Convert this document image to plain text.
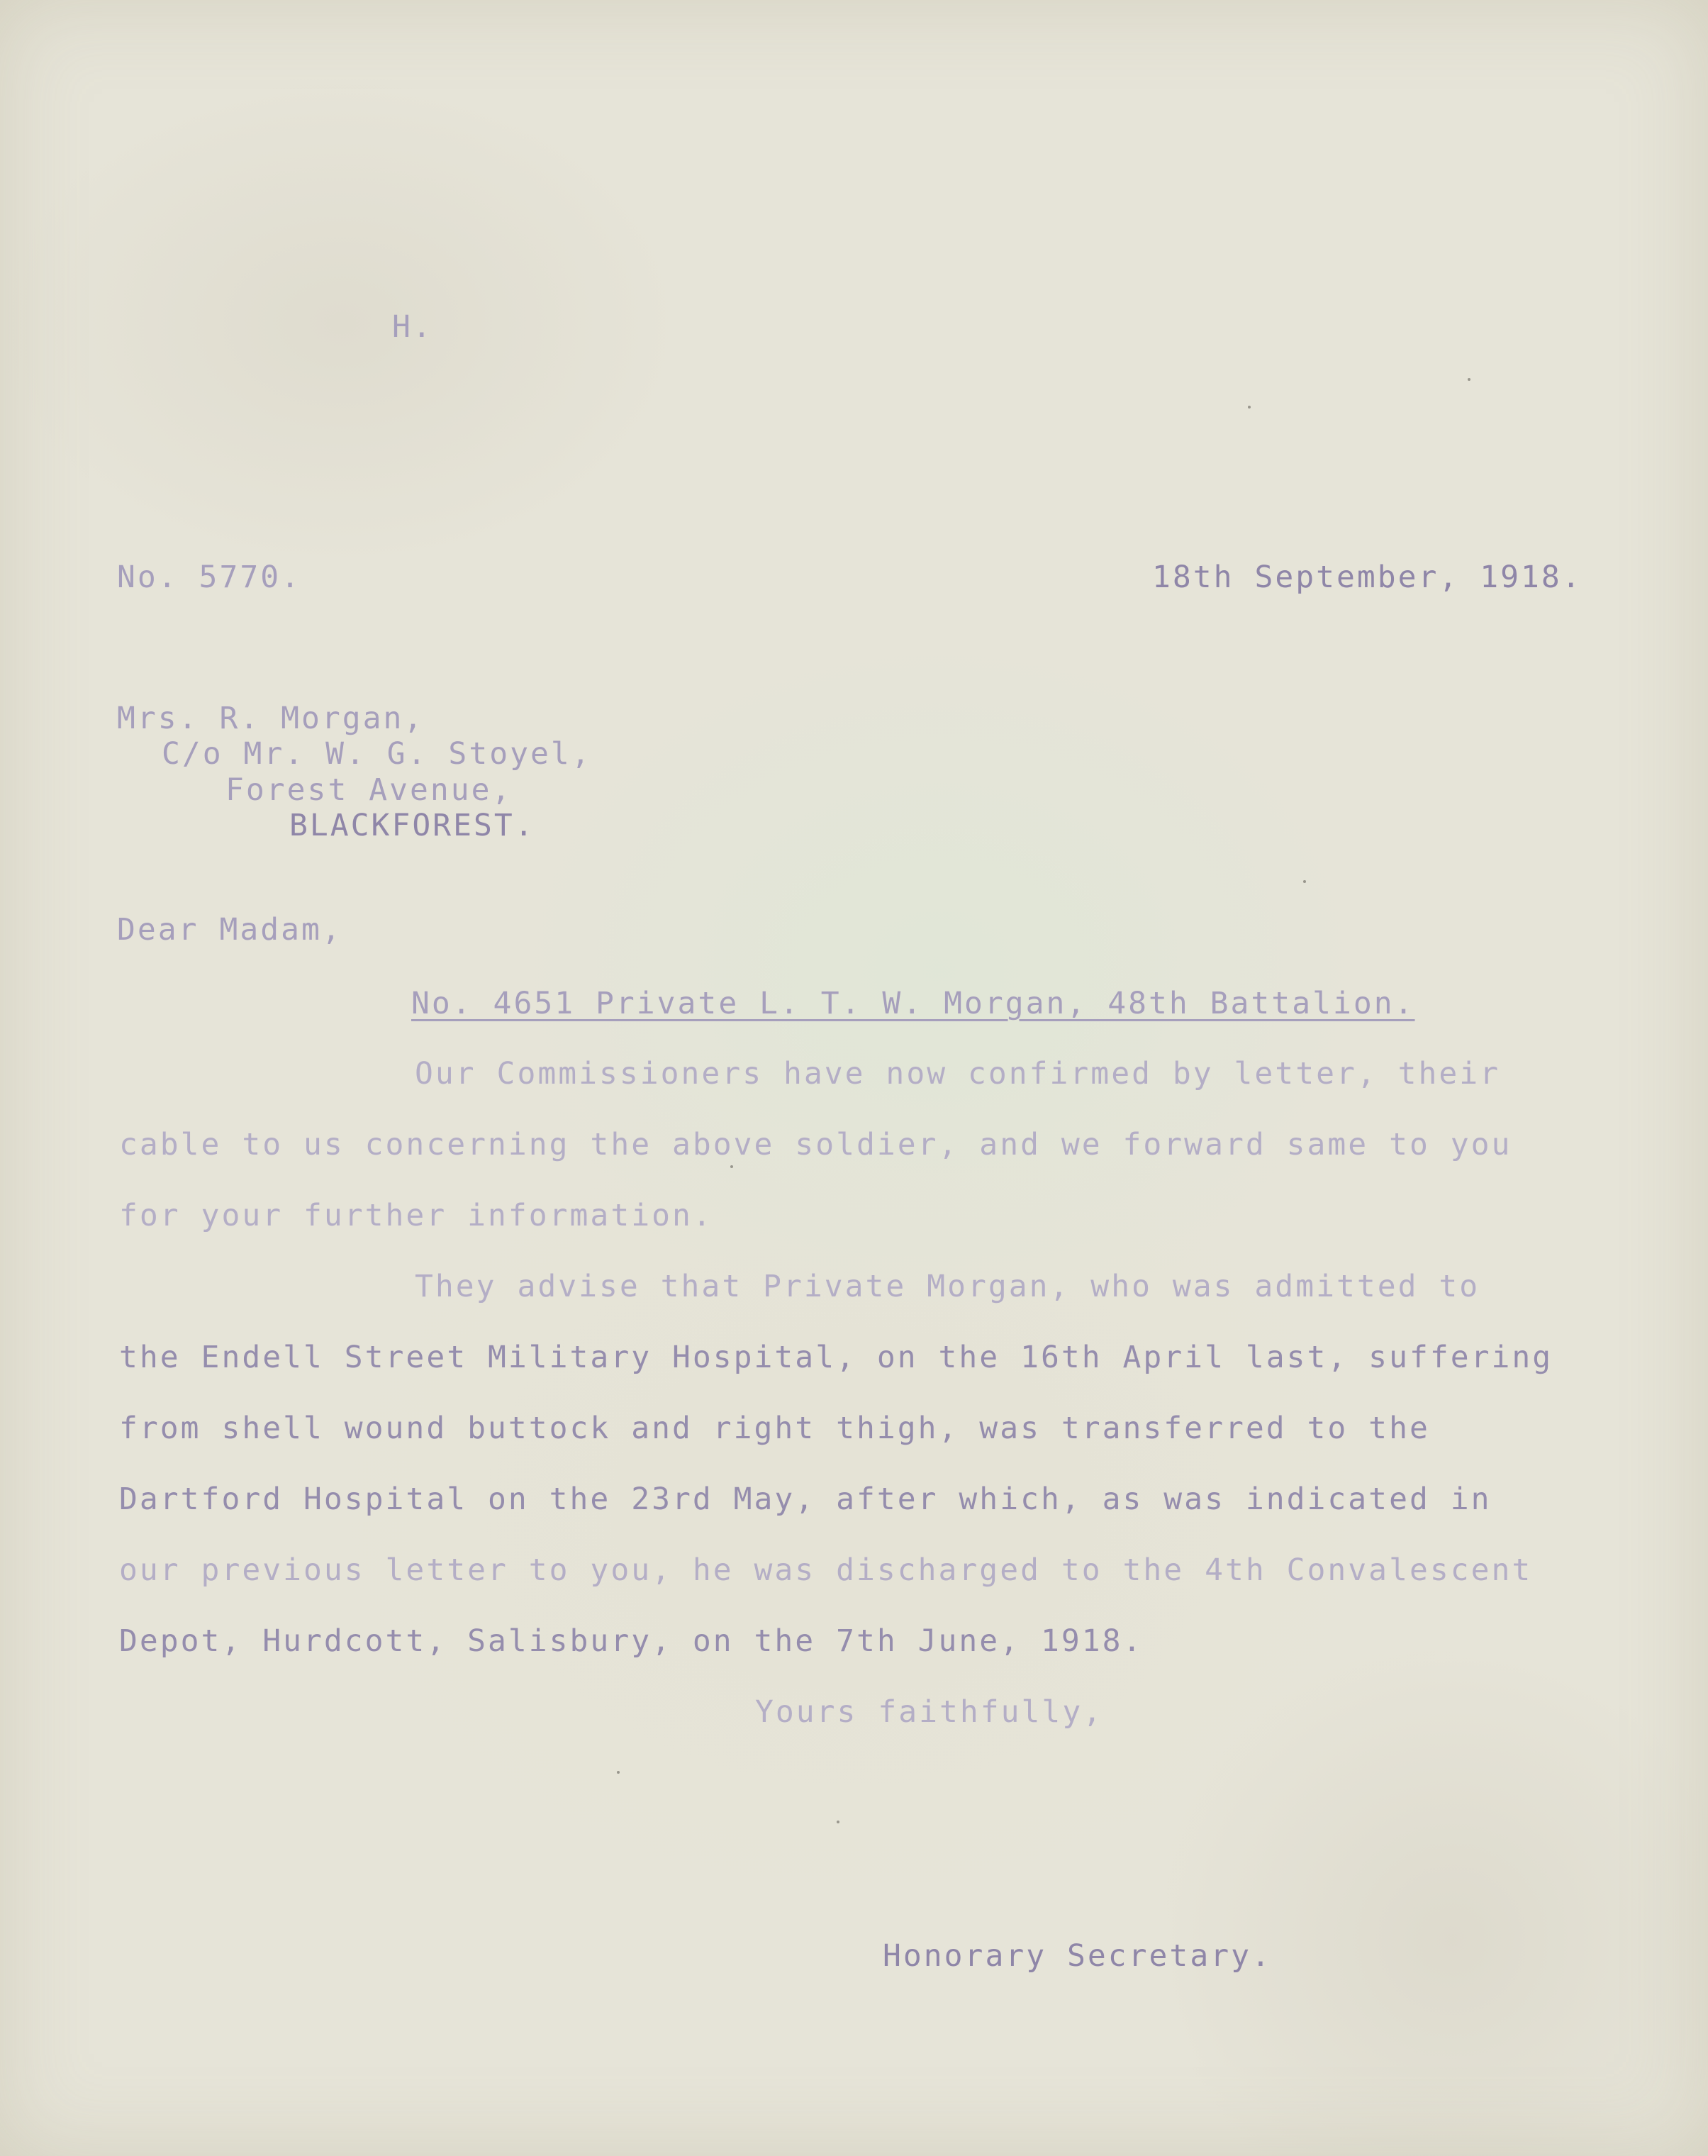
H.

No. 5770.	18th September, 1918.

Mrs. R. Morgan,

C/o Mr. W. G. Stoyel,

Forest Avenue,

BLACKFOREST.

Dear Madam,

No. 4651 Private L. T. W. Morgan, 48th Battalion.

Our Commissioners have now confirmed by letter, their

cable to us concerning the above soldier, and we forward same to you

for your further information.

They advise that Private Morgan, who was admitted to

the Endell Street Military Hospital, on the 16th April last, suffering

from shell wound buttock and right thigh, was transferred to the

Dartford Hospital on the 23rd May, after which, as was indicated in

our previous letter to you, he was discharged to the 4th Convalescent

Depot, Hurdcott, Salisbury, on the 7th June, 1918.

Yours faithfully,

Honorary Secretary.
